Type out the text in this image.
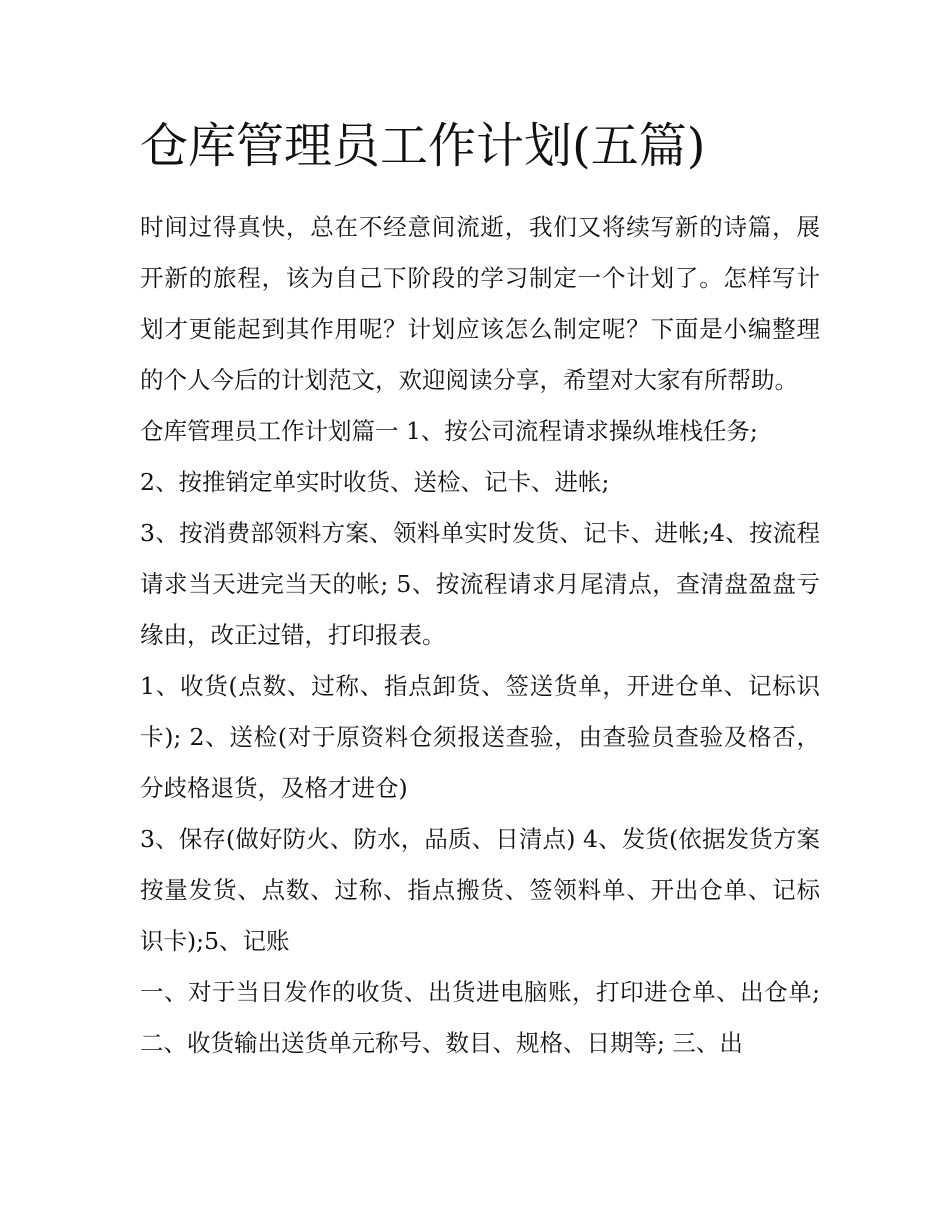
仓库管理员工作计划(五篇)

时间过得真快，总在不经意间流逝，我们又将续写新的诗篇，展开新的旅程，该为自己下阶段的学习制定一个计划了。怎样写计划才更能起到其作用呢？计划应该怎么制定呢？下面是小编整理的个人今后的计划范文，欢迎阅读分享，希望对大家有所帮助。

仓库管理员工作计划篇一 1、按公司流程请求操纵堆栈任务;

2、按推销定单实时收货、送检、记卡、进帐;

3、按消费部领料方案、领料单实时发货、记卡、进帐;4、按流程请求当天进完当天的帐; 5、按流程请求月尾清点，查清盘盈盘亏缘由，改正过错，打印报表。

1、收货(点数、过称、指点卸货、签送货单，开进仓单、记标识卡); 2、送检(对于原资料仓须报送查验，由查验员查验及格否，分歧格退货，及格才进仓)

3、保存(做好防火、防水，品质、日清点) 4、发货(依据发货方案按量发货、点数、过称、指点搬货、签领料单、开出仓单、记标识卡);5、记账

一、对于当日发作的收货、出货进电脑账，打印进仓单、出仓单; 二、收货输出送货单元称号、数目、规格、日期等; 三、出
